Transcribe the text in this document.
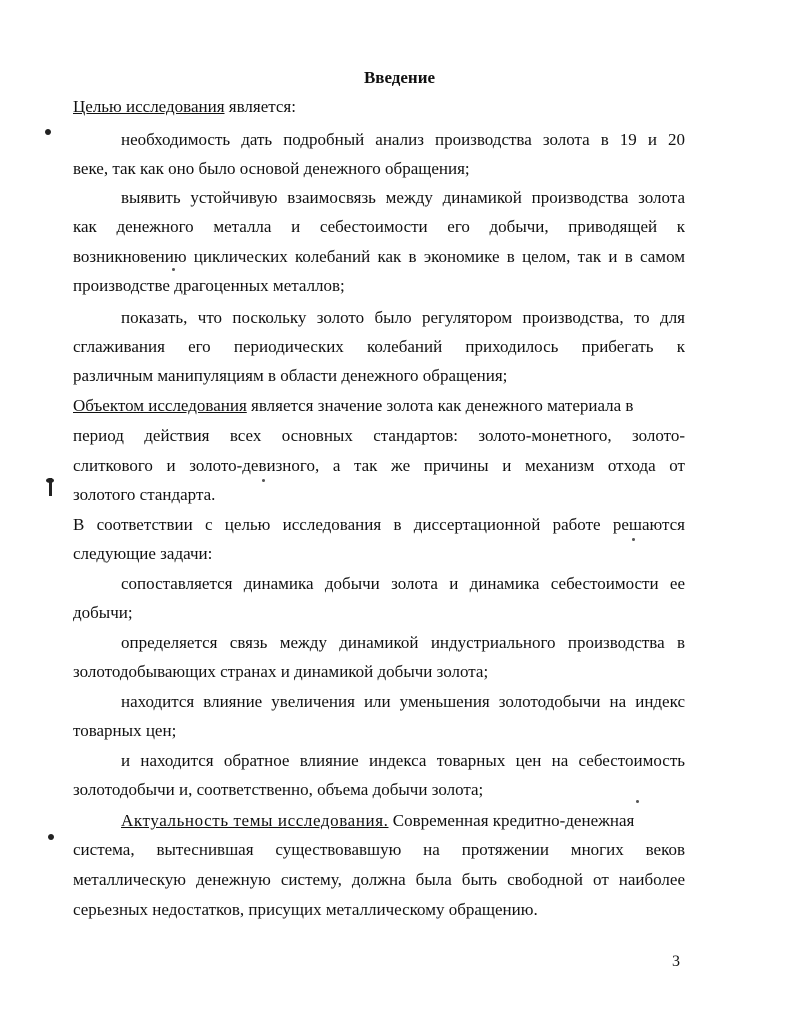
Введение
Целью исследования является:
необходимость дать подробный анализ производства золота в 19 и 20
веке, так как оно было основой денежного обращения;
выявить устойчивую взаимосвязь между динамикой производства золота
как денежного металла и себестоимости его добычи, приводящей к
возникновению циклических колебаний как в экономике в целом, так и в самом
производстве драгоценных металлов;
показать, что поскольку золото было регулятором производства, то для
сглаживания его периодических колебаний приходилось прибегать к
различным манипуляциям в области денежного обращения;
Объектом исследования является значение золота как денежного материала в
период действия всех основных стандартов: золото-монетного, золото-
слиткового и золото-девизного, а так же причины и механизм отхода от
золотого стандарта.
В соответствии с целью исследования в диссертационной работе решаются
следующие задачи:
сопоставляется динамика добычи золота и динамика себестоимости ее
добычи;
определяется связь между динамикой индустриального производства в
золотодобывающих странах и динамикой добычи золота;
находится влияние увеличения или уменьшения золотодобычи на индекс
товарных цен;
и находится обратное влияние индекса товарных цен на себестоимость
золотодобычи и, соответственно, объема добычи золота;
Актуальность темы исследования. Современная кредитно-денежная
система, вытеснившая существовавшую на протяжении многих веков
металлическую денежную систему, должна была быть свободной от наиболее
серьезных недостатков, присущих металлическому обращению.
3
